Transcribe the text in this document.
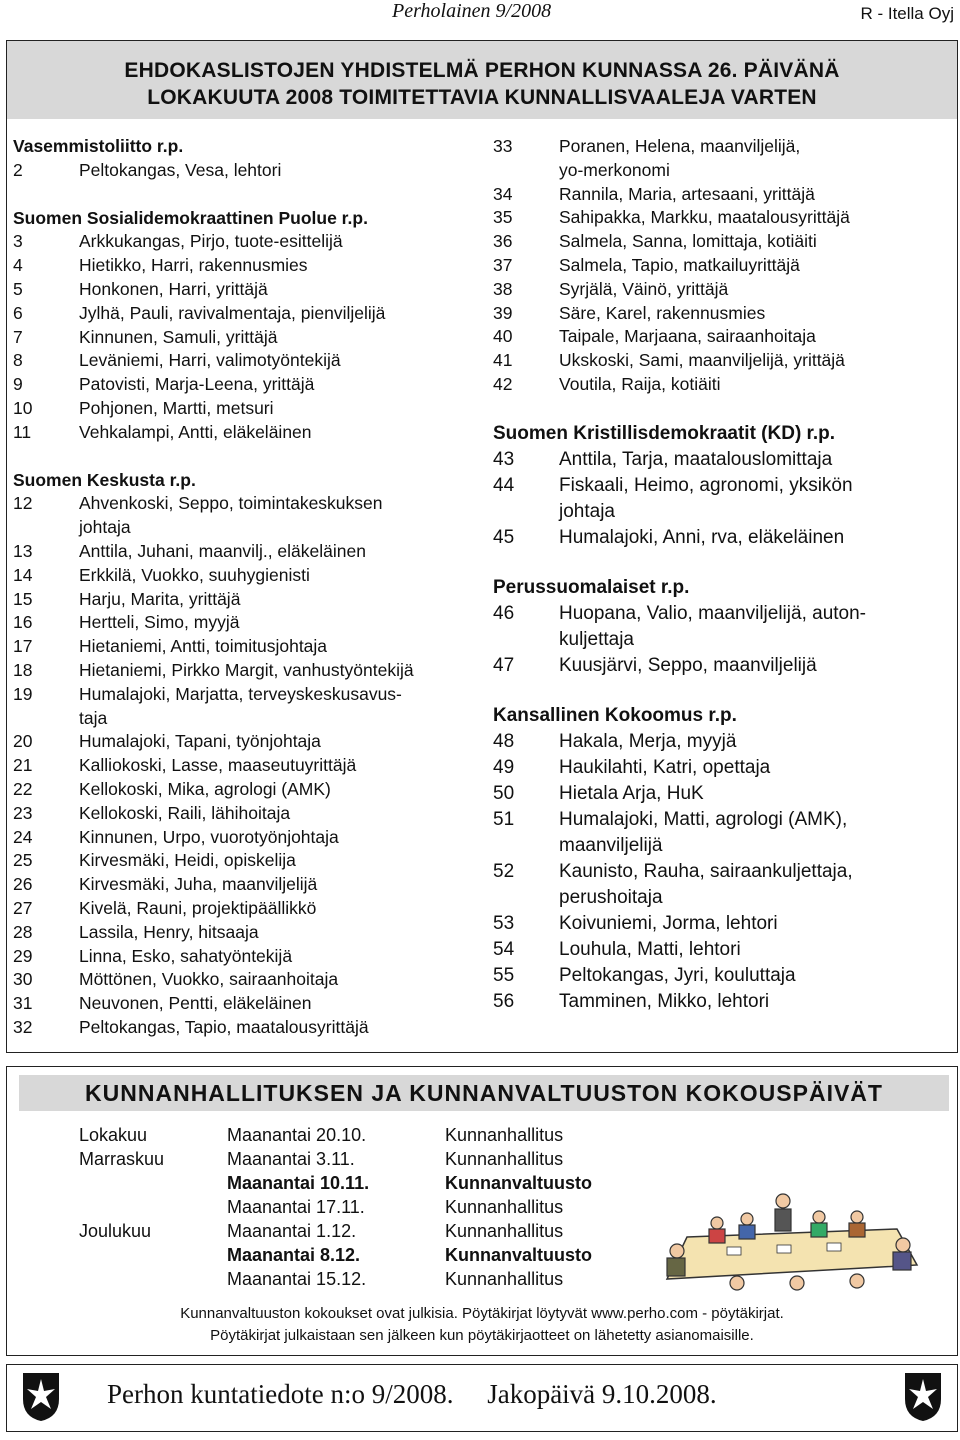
Perholainen 9/2008	R - Itella Oyj
EHDOKASLISTOJEN YHDISTELMÄ PERHON KUNNASSA 26. PÄIVÄNÄ
LOKAKUUTA 2008 TOIMITETTAVIA KUNNALLISVAALEJA VARTEN
Vasemmistoliitto r.p.
2	Peltokangas, Vesa, lehtori
Suomen Sosialidemokraattinen Puolue r.p.
3	Arkkukangas, Pirjo, tuote-esittelijä
4	Hietikko, Harri, rakennusmies
5	Honkonen, Harri, yrittäjä
6	Jylhä, Pauli, ravivalmentaja, pienviljelijä
7	Kinnunen, Samuli, yrittäjä
8	Leväniemi, Harri, valimotyöntekijä
9	Patovisti, Marja-Leena, yrittäjä
10	Pohjonen, Martti, metsuri
11	Vehkalampi, Antti, eläkeläinen
Suomen Keskusta r.p.
12	Ahvenkoski, Seppo, toimintakeskuksen
johtaja
13	Anttila, Juhani, maanvilj., eläkeläinen
14	Erkkilä, Vuokko, suuhygienisti
15	Harju, Marita, yrittäjä
16	Hertteli, Simo, myyjä
17	Hietaniemi, Antti, toimitusjohtaja
18	Hietaniemi, Pirkko Margit, vanhustyöntekijä
19	Humalajoki, Marjatta, terveyskeskusavus-
taja
20	Humalajoki, Tapani, työnjohtaja
21	Kalliokoski, Lasse, maaseutuyrittäjä
22	Kellokoski, Mika, agrologi (AMK)
23	Kellokoski, Raili, lähihoitaja
24	Kinnunen, Urpo, vuorotyönjohtaja
25	Kirvesmäki, Heidi, opiskelija
26	Kirvesmäki, Juha, maanviljelijä
27	Kivelä, Rauni, projektipäällikkö
28	Lassila, Henry, hitsaaja
29	Linna, Esko, sahatyöntekijä
30	Möttönen, Vuokko, sairaanhoitaja
31	Neuvonen, Pentti, eläkeläinen
32	Peltokangas, Tapio, maatalousyrittäjä
33	Poranen, Helena, maanviljelijä,
yo-merkonomi
34	Rannila, Maria, artesaani, yrittäjä
35	Sahipakka, Markku, maatalousyrittäjä
36	Salmela, Sanna, lomittaja, kotiäiti
37	Salmela, Tapio, matkailuyrittäjä
38	Syrjälä, Väinö, yrittäjä
39	Säre, Karel, rakennusmies
40	Taipale, Marjaana, sairaanhoitaja
41	Ukskoski, Sami, maanviljelijä, yrittäjä
42	Voutila, Raija, kotiäiti
Suomen Kristillisdemokraatit (KD) r.p.
43	Anttila, Tarja, maatalouslomittaja
44	Fiskaali, Heimo, agronomi, yksikön
johtaja
45	Humalajoki, Anni, rva, eläkeläinen
Perussuomalaiset r.p.
46	Huopana, Valio, maanviljelijä, auton-
kuljettaja
47	Kuusjärvi, Seppo, maanviljelijä
Kansallinen Kokoomus r.p.
48	Hakala, Merja, myyjä
49	Haukilahti, Katri, opettaja
50	Hietala Arja, HuK
51	Humalajoki, Matti, agrologi (AMK),
maanviljelijä
52	Kaunisto, Rauha, sairaankuljettaja,
perushoitaja
53	Koivuniemi, Jorma, lehtori
54	Louhula, Matti, lehtori
55	Peltokangas, Jyri, kouluttaja
56	Tamminen, Mikko, lehtori
KUNNANHALLITUKSEN JA KUNNANVALTUUSTON KOKOUSPÄIVÄT
Lokakuu	Maanantai 20.10.	Kunnanhallitus
Marraskuu	Maanantai 3.11.	Kunnanhallitus
Maanantai 10.11.	Kunnanvaltuusto
Maanantai 17.11.	Kunnanhallitus
Joulukuu	Maanantai 1.12.	Kunnanhallitus
Maanantai 8.12.	Kunnanvaltuusto
Maanantai 15.12.	Kunnanhallitus
Kunnanvaltuuston kokoukset ovat julkisia. Pöytäkirjat löytyvät www.perho.com - pöytäkirjat.
Pöytäkirjat julkaistaan sen jälkeen kun pöytäkirjaotteet on lähetetty asianomaisille.
Perhon kuntatiedote n:o 9/2008.     Jakopäivä 9.10.2008.
